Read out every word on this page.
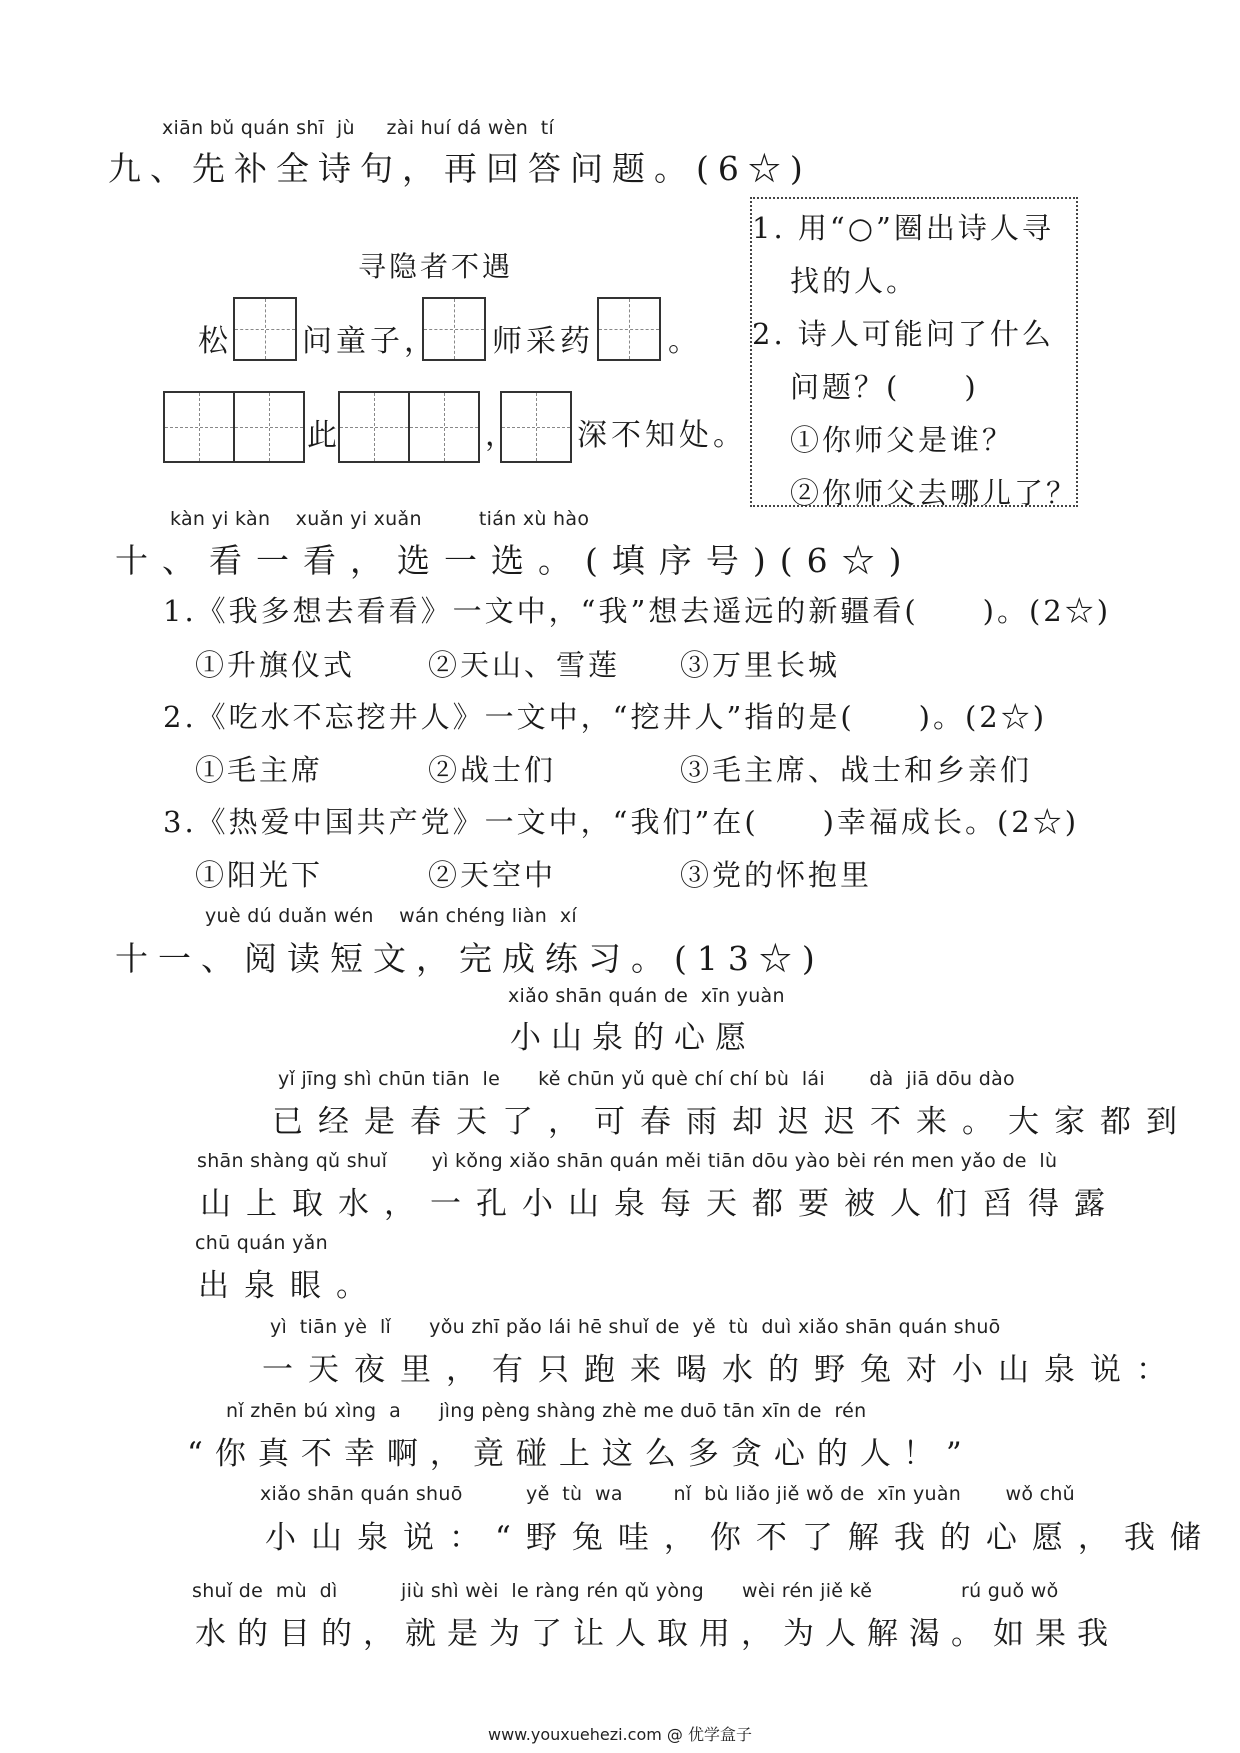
xiān bǔ quán shī  jù     zài huí dá wèn  tí
九、先补全诗句，再回答问题。(6☆)
寻隐者不遇
松 问童子， 师采药 。
此	， 深不知处。
1. 用“○”圈出诗人寻
找的人。
2. 诗人可能问了什么
问题？(　　)
①你师父是谁？
②你师父去哪儿了？
kàn yi kàn    xuǎn yi xuǎn         tián xù hào
十、看一看，选一选。(填序号)(6☆)
1.《我多想去看看》一文中，“我”想去遥远的新疆看(　　)。(2☆)
①升旗仪式	②天山、雪莲 ③万里长城
2.《吃水不忘挖井人》一文中，“挖井人”指的是(　　)。(2☆)
①毛主席	②战士们	③毛主席、战士和乡亲们
3.《热爱中国共产党》一文中，“我们”在(　　)幸福成长。(2☆)
①阳光下	②天空中	③党的怀抱里
yuè dú duǎn wén    wán chéng liàn  xí
十一、阅读短文，完成练习。(13☆)
xiǎo shān quán de  xīn yuàn
小山泉的心愿
yǐ jīng shì chūn tiān  le      kě chūn yǔ què chí chí bù  lái       dà  jiā dōu dào
已经是春天了，可春雨却迟迟不来。大家都到
shān shàng qǔ shuǐ       yì kǒng xiǎo shān quán měi tiān dōu yào bèi rén men yǎo de  lù
山上取水，一孔小山泉每天都要被人们舀得露
chū quán yǎn
出泉眼。
yì  tiān yè  lǐ      yǒu zhī pǎo lái hē shuǐ de  yě  tù  duì xiǎo shān quán shuō
一天夜里，有只跑来喝水的野兔对小山泉说：
nǐ zhēn bú xìng  a      jìng pèng shàng zhè me duō tān xīn de  rén
“你真不幸啊，竟碰上这么多贪心的人！”
xiǎo shān quán shuō          yě  tù  wa        nǐ  bù liǎo jiě wǒ de  xīn yuàn       wǒ chǔ
小山泉说：“野兔哇，你不了解我的心愿，我储
shuǐ de  mù  dì          jiù shì wèi  le ràng rén qǔ yòng      wèi rén jiě kě              rú guǒ wǒ
水的目的，就是为了让人取用，为人解渴。如果我
www.youxuehezi.com @ 优学盒子
